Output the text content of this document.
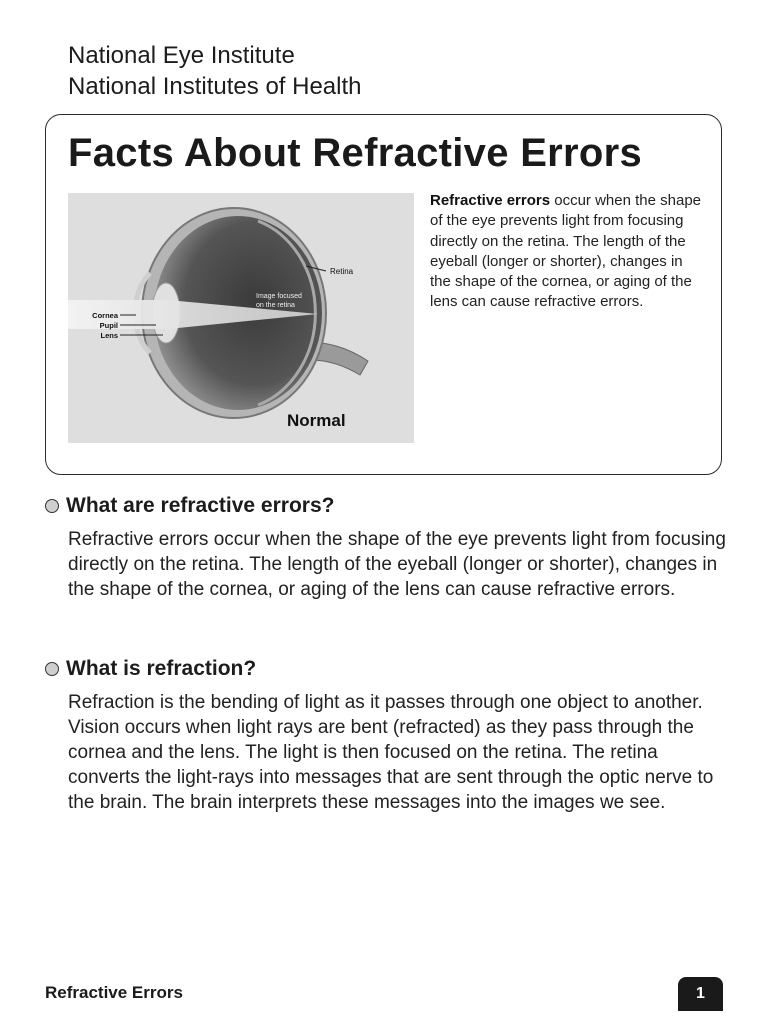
National Eye Institute
National Institutes of Health
Facts About Refractive Errors
Retina
Image focused
on the retina
Cornea
Pupil
Lens
Normal
Refractive errors occur when the shape of the eye prevents light from focusing directly on the retina. The length of the eyeball (longer or shorter), changes in the shape of the cornea, or aging of the lens can cause refractive errors.
What are refractive errors?
Refractive errors occur when the shape of the eye prevents light from focusing directly on the retina. The length of the eyeball (longer or shorter), changes in the shape of the cornea, or aging of the lens can cause refractive errors.
What is refraction?
Refraction is the bending of light as it passes through one object to another. Vision occurs when light rays are bent (refracted) as they pass through the cornea and the lens. The light is then focused on the retina. The retina converts the light-rays into messages that are sent through the optic nerve to the brain. The brain interprets these messages into the images we see.
Refractive Errors	1
